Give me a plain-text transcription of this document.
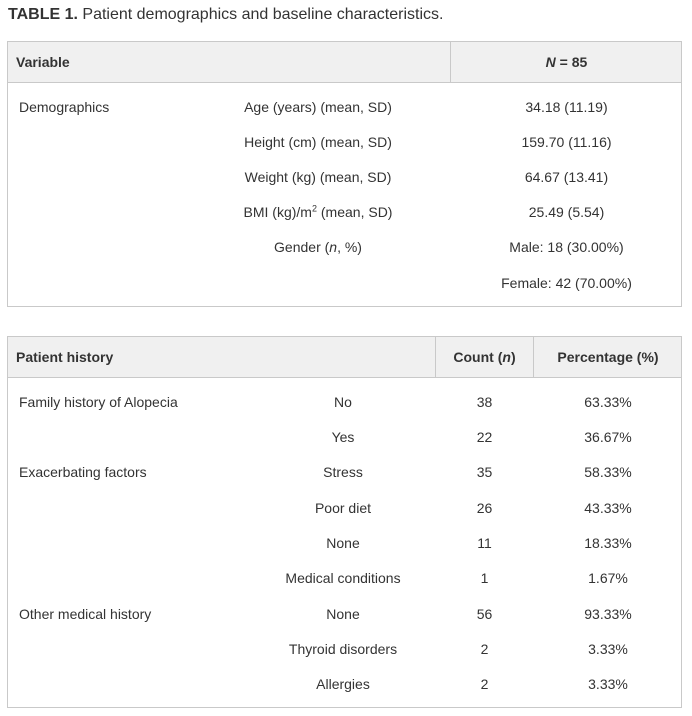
TABLE 1. Patient demographics and baseline characteristics.
Variable	N = 85
Demographics	Age (years) (mean, SD)	34.18 (11.19)
Height (cm) (mean, SD)	159.70 (11.16)
Weight (kg) (mean, SD)	64.67 (13.41)
BMI $(kg)/m^2$ (mean, SD)	25.49 (5.54)
Gender (n, %)	Male: 18 (30.00%)
Female: 42 (70.00%)
Patient history	Count (n)	Percentage (%)
Family history of Alopecia	No	38	63.33%
Yes	22	36.67%
Exacerbating factors	Stress	35	58.33%
Poor diet	26	43.33%
None	11	18.33%
Medical conditions	1	1.67%
Other medical history	None	56	93.33%
Thyroid disorders	2	3.33%
Allergies	2	3.33%
